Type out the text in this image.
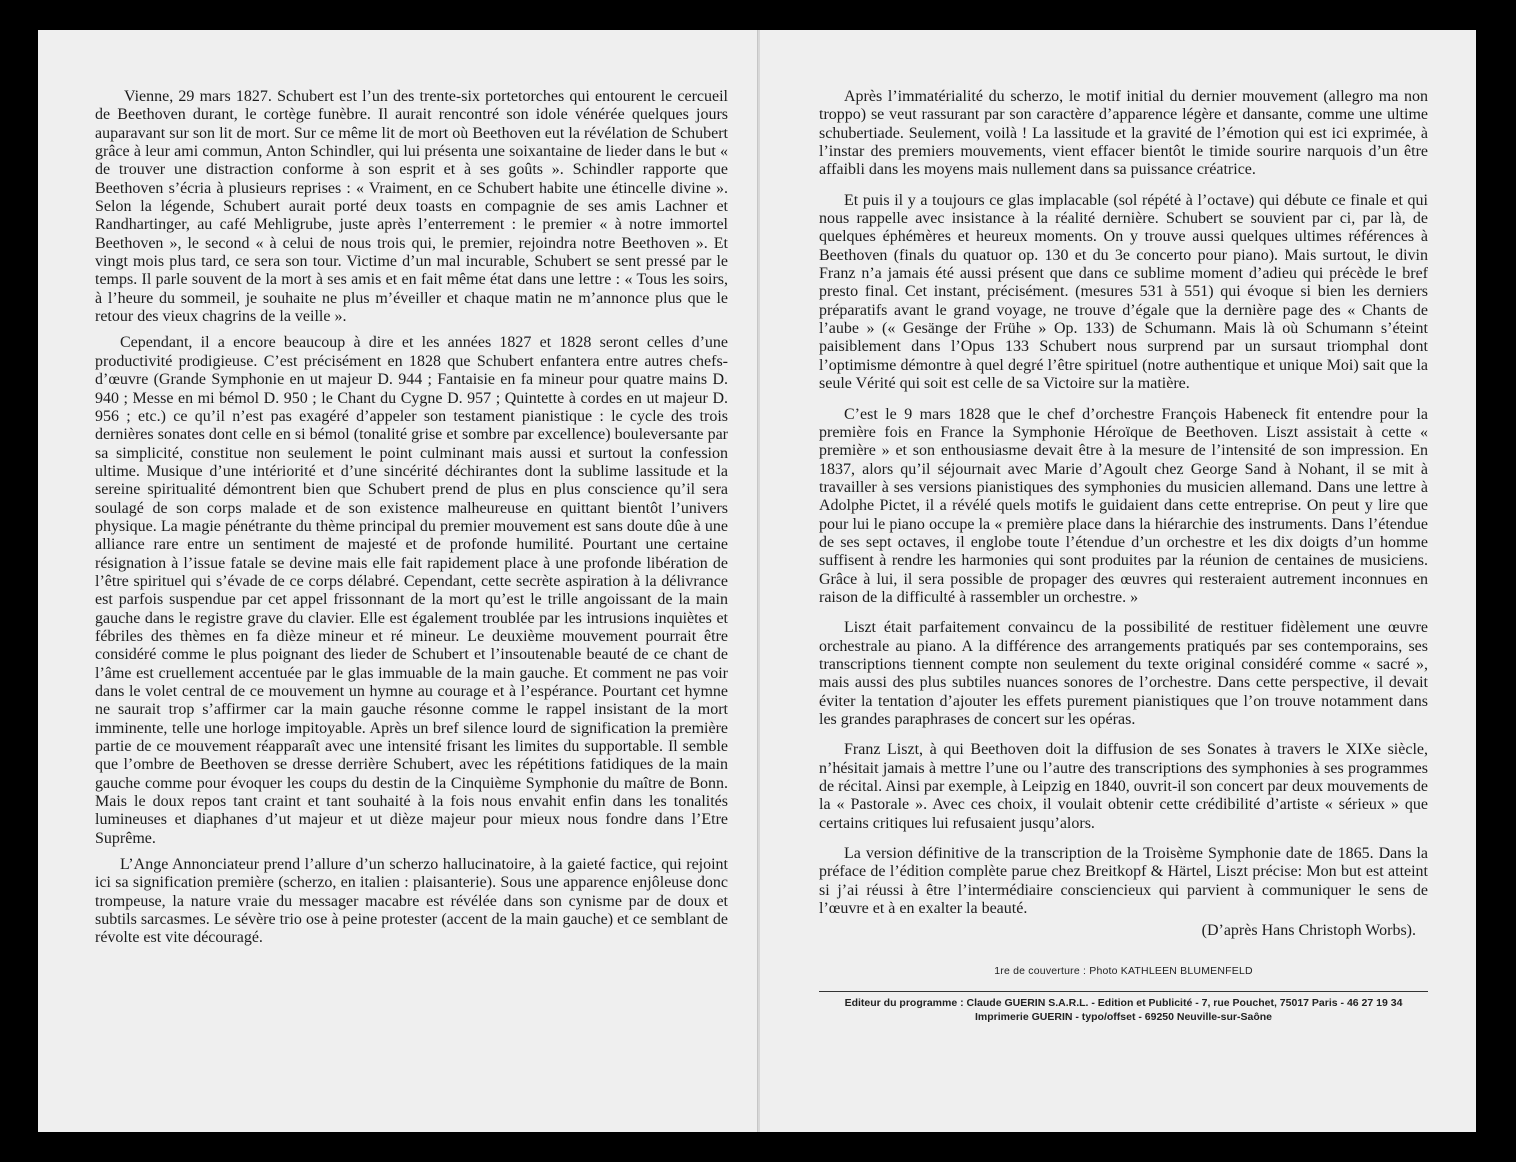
Vienne, 29 mars 1827. Schubert est l’un des trente-six portetorches qui entourent le cercueil de Beethoven durant, le cortège funèbre. Il aurait rencontré son idole vénérée quelques jours auparavant sur son lit de mort. Sur ce même lit de mort où Beethoven eut la révélation de Schubert grâce à leur ami commun, Anton Schindler, qui lui présenta une soixantaine de lieder dans le but « de trouver une distraction conforme à son esprit et à ses goûts ». Schindler rapporte que Beethoven s’écria à plusieurs reprises : « Vraiment, en ce Schubert habite une étincelle divine ». Selon la légende, Schubert aurait porté deux toasts en compagnie de ses amis Lachner et Randhartinger, au café Mehligrube, juste après l’enterrement : le premier « à notre immortel Beethoven », le second « à celui de nous trois qui, le premier, rejoindra notre Beethoven ». Et vingt mois plus tard, ce sera son tour. Victime d’un mal incurable, Schubert se sent pressé par le temps. Il parle souvent de la mort à ses amis et en fait même état dans une lettre : « Tous les soirs, à l’heure du sommeil, je souhaite ne plus m’éveiller et chaque matin ne m’annonce plus que le retour des vieux chagrins de la veille ».

Cependant, il a encore beaucoup à dire et les années 1827 et 1828 seront celles d’une productivité prodigieuse. C’est précisément en 1828 que Schubert enfantera entre autres chefs-d’œuvre (Grande Symphonie en ut majeur D. 944 ; Fantaisie en fa mineur pour quatre mains D. 940 ; Messe en mi bémol D. 950 ; le Chant du Cygne D. 957 ; Quintette à cordes en ut majeur D. 956 ; etc.) ce qu’il n’est pas exagéré d’appeler son testament pianistique : le cycle des trois dernières sonates dont celle en si bémol (tonalité grise et sombre par excellence) bouleversante par sa simplicité, constitue non seulement le point culminant mais aussi et surtout la confession ultime. Musique d’une intériorité et d’une sincérité déchirantes dont la sublime lassitude et la sereine spiritualité démontrent bien que Schubert prend de plus en plus conscience qu’il sera soulagé de son corps malade et de son existence malheureuse en quittant bientôt l’univers physique. La magie pénétrante du thème principal du premier mouvement est sans doute dûe à une alliance rare entre un sentiment de majesté et de profonde humilité. Pourtant une certaine résignation à l’issue fatale se devine mais elle fait rapidement place à une profonde libération de l’être spirituel qui s’évade de ce corps délabré. Cependant, cette secrète aspiration à la délivrance est parfois suspendue par cet appel frissonnant de la mort qu’est le trille angoissant de la main gauche dans le registre grave du clavier. Elle est également troublée par les intrusions inquiètes et fébriles des thèmes en fa dièze mineur et ré mineur. Le deuxième mouvement pourrait être considéré comme le plus poignant des lieder de Schubert et l’insoutenable beauté de ce chant de l’âme est cruellement accentuée par le glas immuable de la main gauche. Et comment ne pas voir dans le volet central de ce mouvement un hymne au courage et à l’espérance. Pourtant cet hymne ne saurait trop s’affirmer car la main gauche résonne comme le rappel insistant de la mort imminente, telle une horloge impitoyable. Après un bref silence lourd de signification la première partie de ce mouvement réapparaît avec une intensité frisant les limites du supportable. Il semble que l’ombre de Beethoven se dresse derrière Schubert, avec les répétitions fatidiques de la main gauche comme pour évoquer les coups du destin de la Cinquième Symphonie du maître de Bonn. Mais le doux repos tant craint et tant souhaité à la fois nous envahit enfin dans les tonalités lumineuses et diaphanes d’ut majeur et ut dièze majeur pour mieux nous fondre dans l’Etre Suprême.

L’Ange Annonciateur prend l’allure d’un scherzo hallucinatoire, à la gaieté factice, qui rejoint ici sa signification première (scherzo, en italien : plaisanterie). Sous une apparence enjôleuse donc trompeuse, la nature vraie du messager macabre est révélée dans son cynisme par de doux et subtils sarcasmes. Le sévère trio ose à peine protester (accent de la main gauche) et ce semblant de révolte est vite découragé.

Après l’immatérialité du scherzo, le motif initial du dernier mouvement (allegro ma non troppo) se veut rassurant par son caractère d’apparence légère et dansante, comme une ultime schubertiade. Seulement, voilà ! La lassitude et la gravité de l’émotion qui est ici exprimée, à l’instar des premiers mouvements, vient effacer bientôt le timide sourire narquois d’un être affaibli dans les moyens mais nullement dans sa puissance créatrice.

Et puis il y a toujours ce glas implacable (sol répété à l’octave) qui débute ce finale et qui nous rappelle avec insistance à la réalité dernière. Schubert se souvient par ci, par là, de quelques éphémères et heureux moments. On y trouve aussi quelques ultimes références à Beethoven (finals du quatuor op. 130 et du 3e concerto pour piano). Mais surtout, le divin Franz n’a jamais été aussi présent que dans ce sublime moment d’adieu qui précède le bref presto final. Cet instant, précisément. (mesures 531 à 551) qui évoque si bien les derniers préparatifs avant le grand voyage, ne trouve d’égale que la dernière page des « Chants de l’aube » (« Gesänge der Frühe » Op. 133) de Schumann. Mais là où Schumann s’éteint paisiblement dans l’Opus 133 Schubert nous surprend par un sursaut triomphal dont l’optimisme démontre à quel degré l’être spirituel (notre authentique et unique Moi) sait que la seule Vérité qui soit est celle de sa Victoire sur la matière.

C’est le 9 mars 1828 que le chef d’orchestre François Habeneck fit entendre pour la première fois en France la Symphonie Héroïque de Beethoven. Liszt assistait à cette « première » et son enthousiasme devait être à la mesure de l’intensité de son impression. En 1837, alors qu’il séjournait avec Marie d’Agoult chez George Sand à Nohant, il se mit à travailler à ses versions pianistiques des symphonies du musicien allemand. Dans une lettre à Adolphe Pictet, il a révélé quels motifs le guidaient dans cette entreprise. On peut y lire que pour lui le piano occupe la « première place dans la hiérarchie des instruments. Dans l’étendue de ses sept octaves, il englobe toute l’étendue d’un orchestre et les dix doigts d’un homme suffisent à rendre les harmonies qui sont produites par la réunion de centaines de musiciens. Grâce à lui, il sera possible de propager des œuvres qui resteraient autrement inconnues en raison de la difficulté à rassembler un orchestre. »

Liszt était parfaitement convaincu de la possibilité de restituer fidèlement une œuvre orchestrale au piano. A la différence des arrangements pratiqués par ses contemporains, ses transcriptions tiennent compte non seulement du texte original considéré comme « sacré », mais aussi des plus subtiles nuances sonores de l’orchestre. Dans cette perspective, il devait éviter la tentation d’ajouter les effets purement pianistiques que l’on trouve notamment dans les grandes paraphrases de concert sur les opéras.

Franz Liszt, à qui Beethoven doit la diffusion de ses Sonates à travers le XIXe siècle, n’hésitait jamais à mettre l’une ou l’autre des transcriptions des symphonies à ses programmes de récital. Ainsi par exemple, à Leipzig en 1840, ouvrit-il son concert par deux mouvements de la « Pastorale ». Avec ces choix, il voulait obtenir cette crédibilité d’artiste « sérieux » que certains critiques lui refusaient jusqu’alors.

La version définitive de la transcription de la Troisème Symphonie date de 1865. Dans la préface de l’édition complète parue chez Breitkopf & Härtel, Liszt précise: Mon but est atteint si j’ai réussi à être l’intermédiaire consciencieux qui parvient à communiquer le sens de l’œuvre et à en exalter la beauté.

(D’après Hans Christoph Worbs).

1re de couverture : Photo KATHLEEN BLUMENFELD
Editeur du programme : Claude GUERIN S.A.R.L. - Edition et Publicité - 7, rue Pouchet, 75017 Paris - 46 27 19 34
Imprimerie GUERIN - typo/offset - 69250 Neuville-sur-Saône
